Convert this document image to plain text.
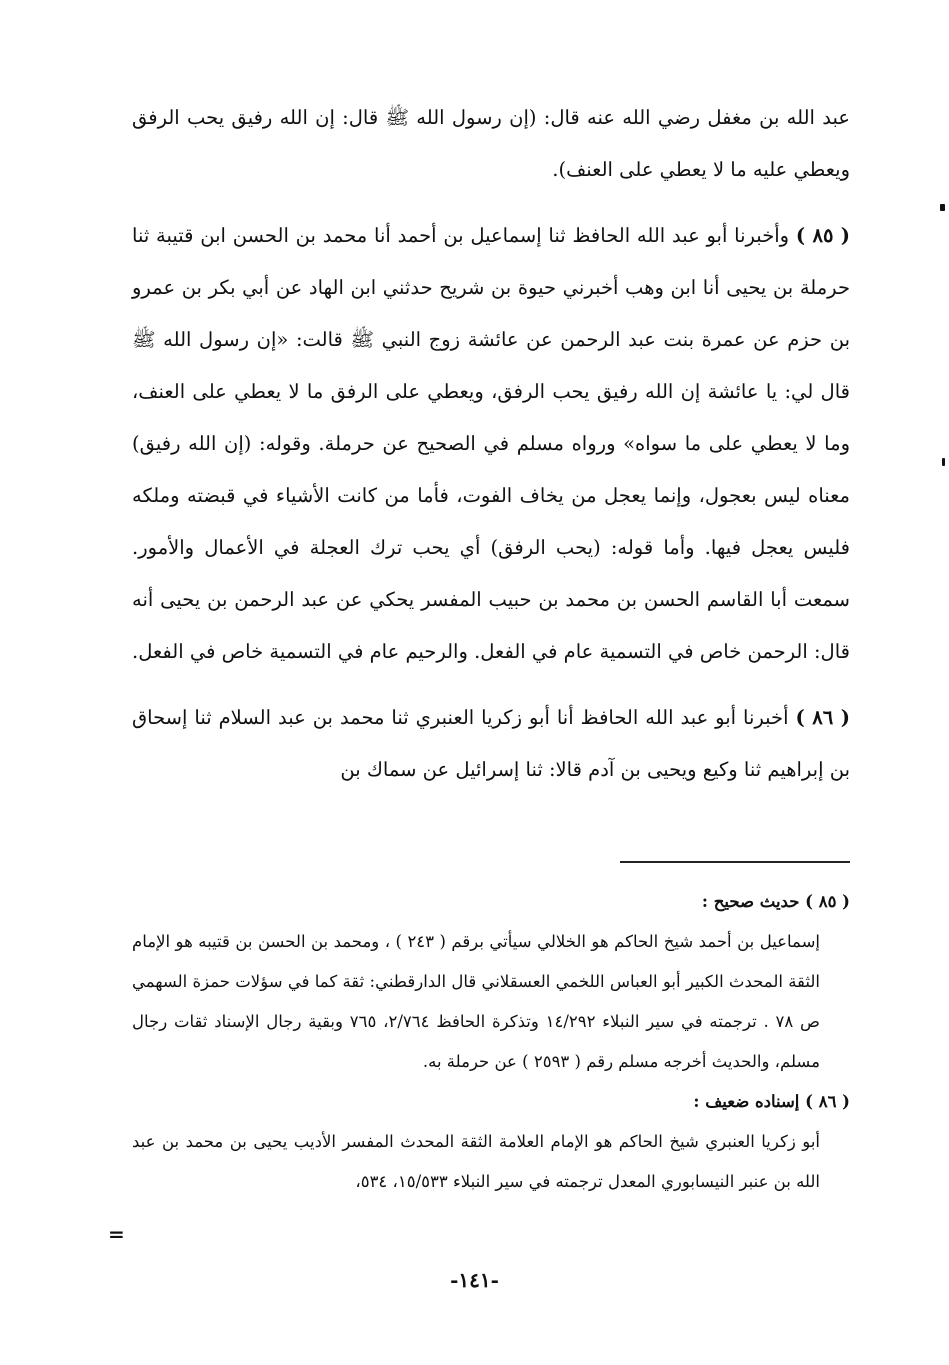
عبد الله بن مغفل رضي الله عنه قال: (إن رسول الله ﷺ قال: إن الله رفيق يحب الرفق ويعطي عليه ما لا يعطي على العنف).

( ٨٥ ) وأخبرنا أبو عبد الله الحافظ ثنا إسماعيل بن أحمد أنا محمد بن الحسن ابن قتيبة ثنا حرملة بن يحيى أنا ابن وهب أخبرني حيوة بن شريح حدثني ابن الهاد عن أبي بكر بن عمرو بن حزم عن عمرة بنت عبد الرحمن عن عائشة زوج النبي ﷺ قالت: «إن رسول الله ﷺ قال لي: يا عائشة إن الله رفيق يحب الرفق، ويعطي على الرفق ما لا يعطي على العنف، وما لا يعطي على ما سواه» ورواه مسلم في الصحيح عن حرملة. وقوله: (إن الله رفيق) معناه ليس بعجول، وإنما يعجل من يخاف الفوت، فأما من كانت الأشياء في قبضته وملكه فليس يعجل فيها. وأما قوله: (يحب الرفق) أي يحب ترك العجلة في الأعمال والأمور. سمعت أبا القاسم الحسن بن محمد بن حبيب المفسر يحكي عن عبد الرحمن بن يحيى أنه قال: الرحمن خاص في التسمية عام في الفعل. والرحيم عام في التسمية خاص في الفعل.

( ٨٦ ) أخبرنا أبو عبد الله الحافظ أنا أبو زكريا العنبري ثنا محمد بن عبد السلام ثنا إسحاق بن إبراهيم ثنا وكيع ويحيى بن آدم قالا: ثنا إسرائيل عن سماك بن

( ٨٥ ) حديث صحيح :

إسماعيل بن أحمد شيخ الحاكم هو الخلالي سيأتي برقم ( ٢٤٣ ) ، ومحمد بن الحسن بن قتيبه هو الإمام الثقة المحدث الكبير أبو العباس اللخمي العسقلاني قال الدارقطني: ثقة كما في سؤلات حمزة السهمي ص ٧٨ . ترجمته في سير النبلاء ١٤/٢٩٢ وتذكرة الحافظ ٢/٧٦٤، ٧٦٥ وبقية رجال الإسناد ثقات رجال مسلم، والحديث أخرجه مسلم رقم ( ٢٥٩٣ ) عن حرملة به.

( ٨٦ ) إسناده ضعيف :

أبو زكريا العنبري شيخ الحاكم هو الإمام العلامة الثقة المحدث المفسر الأديب يحيى بن محمد بن عبد الله بن عنبر النيسابوري المعدل ترجمته في سير النبلاء ١٥/٥٣٣، ٥٣٤،

=
-١٤١-
